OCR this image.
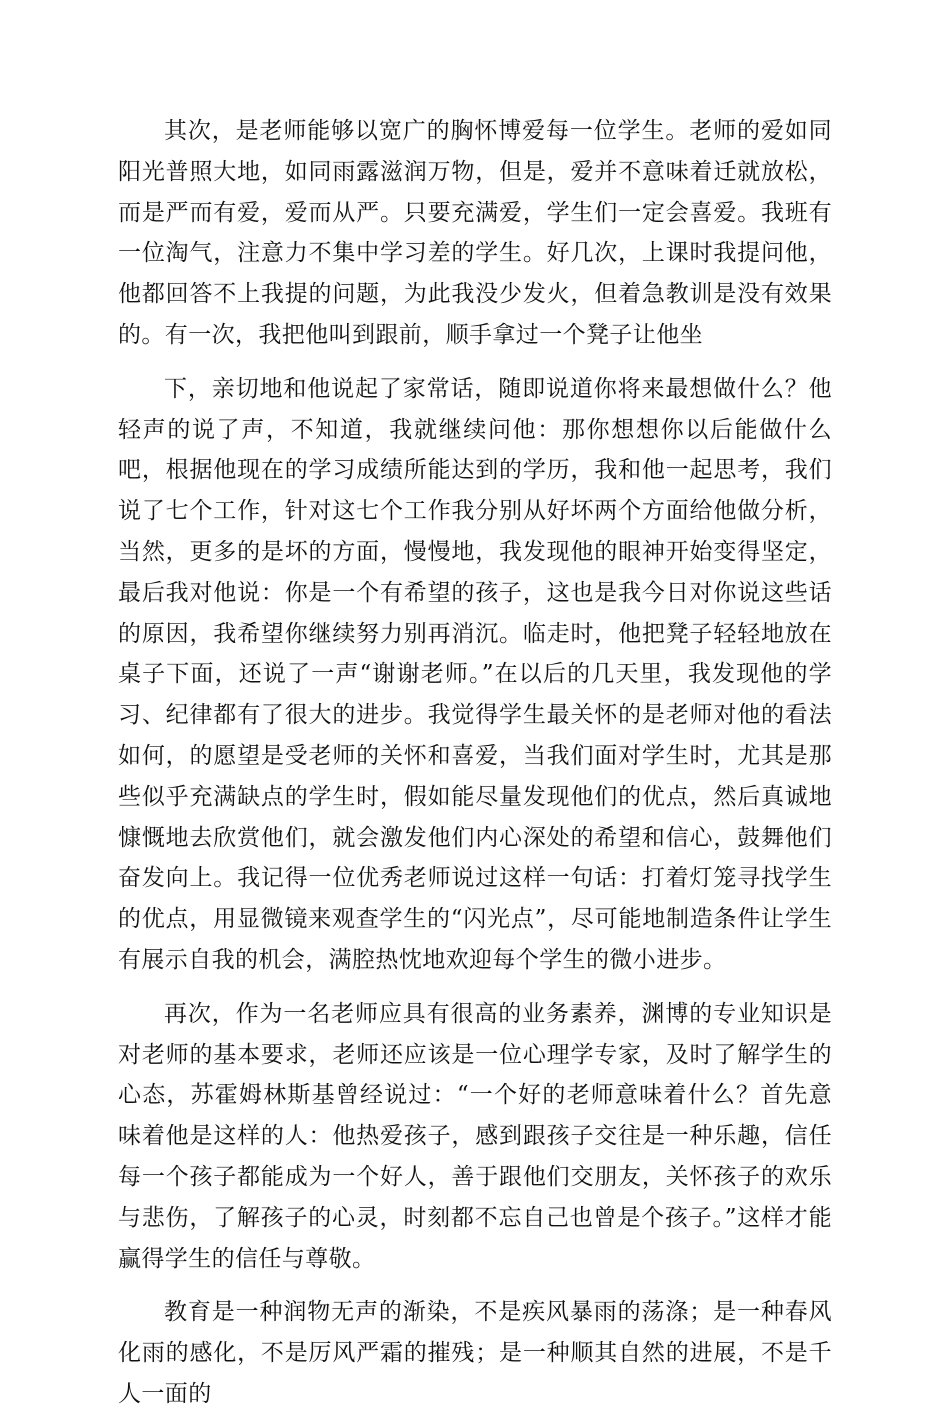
其次，是老师能够以宽广的胸怀博爱每一位学生。老师的爱如同阳光普照大地，如同雨露滋润万物，但是，爱并不意味着迁就放松，而是严而有爱，爱而从严。只要充满爱，学生们一定会喜爱。我班有一位淘气，注意力不集中学习差的学生。好几次，上课时我提问他，他都回答不上我提的问题，为此我没少发火，但着急教训是没有效果的。有一次，我把他叫到跟前，顺手拿过一个凳子让他坐

下，亲切地和他说起了家常话，随即说道你将来最想做什么？他轻声的说了声，不知道，我就继续问他：那你想想你以后能做什么吧，根据他现在的学习成绩所能达到的学历，我和他一起思考，我们说了七个工作，针对这七个工作我分别从好坏两个方面给他做分析，当然，更多的是坏的方面，慢慢地，我发现他的眼神开始变得坚定，最后我对他说：你是一个有希望的孩子，这也是我今日对你说这些话的原因，我希望你继续努力别再消沉。临走时，他把凳子轻轻地放在桌子下面，还说了一声“谢谢老师。”在以后的几天里，我发现他的学习、纪律都有了很大的进步。我觉得学生最关怀的是老师对他的看法如何，的愿望是受老师的关怀和喜爱，当我们面对学生时，尤其是那些似乎充满缺点的学生时，假如能尽量发现他们的优点，然后真诚地慷慨地去欣赏他们，就会激发他们内心深处的希望和信心，鼓舞他们奋发向上。我记得一位优秀老师说过这样一句话：打着灯笼寻找学生的优点，用显微镜来观查学生的“闪光点”，尽可能地制造条件让学生有展示自我的机会，满腔热忱地欢迎每个学生的微小进步。

再次，作为一名老师应具有很高的业务素养，渊博的专业知识是对老师的基本要求，老师还应该是一位心理学专家，及时了解学生的心态，苏霍姆林斯基曾经说过：“一个好的老师意味着什么？首先意味着他是这样的人：他热爱孩子，感到跟孩子交往是一种乐趣，信任每一个孩子都能成为一个好人，善于跟他们交朋友，关怀孩子的欢乐与悲伤，了解孩子的心灵，时刻都不忘自己也曾是个孩子。”这样才能赢得学生的信任与尊敬。

教育是一种润物无声的渐染，不是疾风暴雨的荡涤；是一种春风化雨的感化，不是厉风严霜的摧残；是一种顺其自然的进展，不是千人一面的
